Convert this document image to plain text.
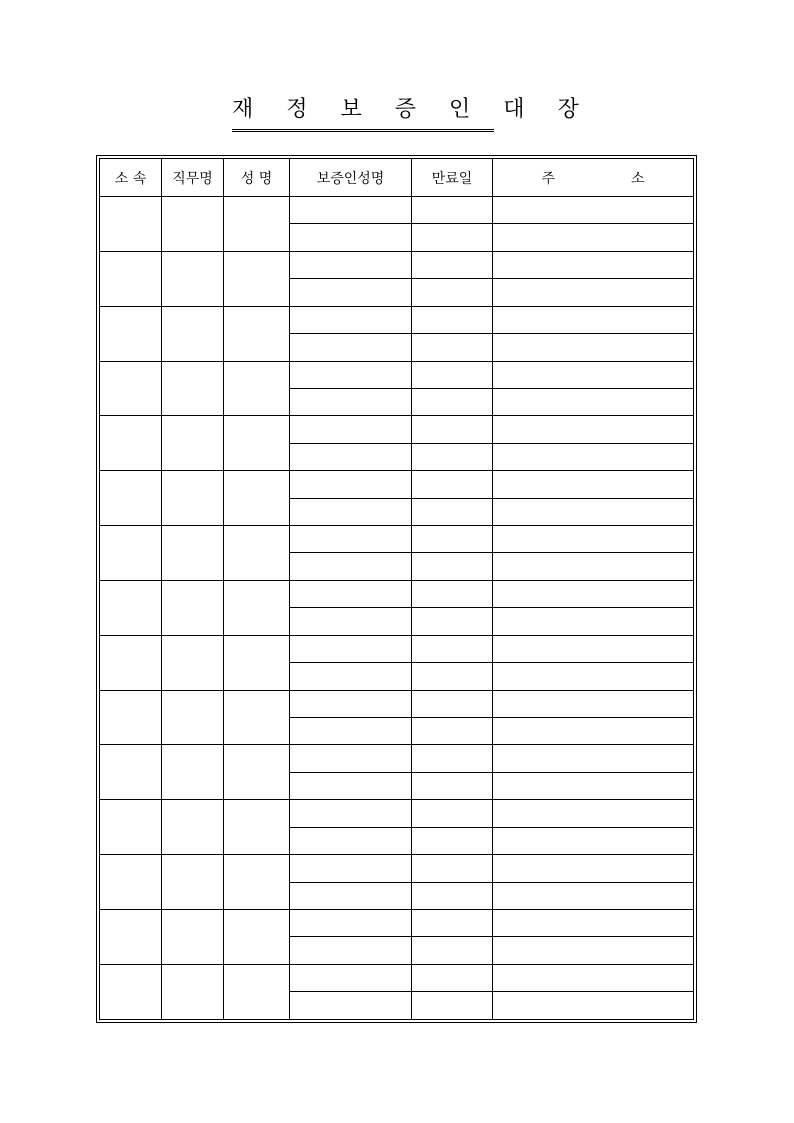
재 정 보 증 인 대 장
소 속	직무명	성 명	보증인성명	만료일	주 소
